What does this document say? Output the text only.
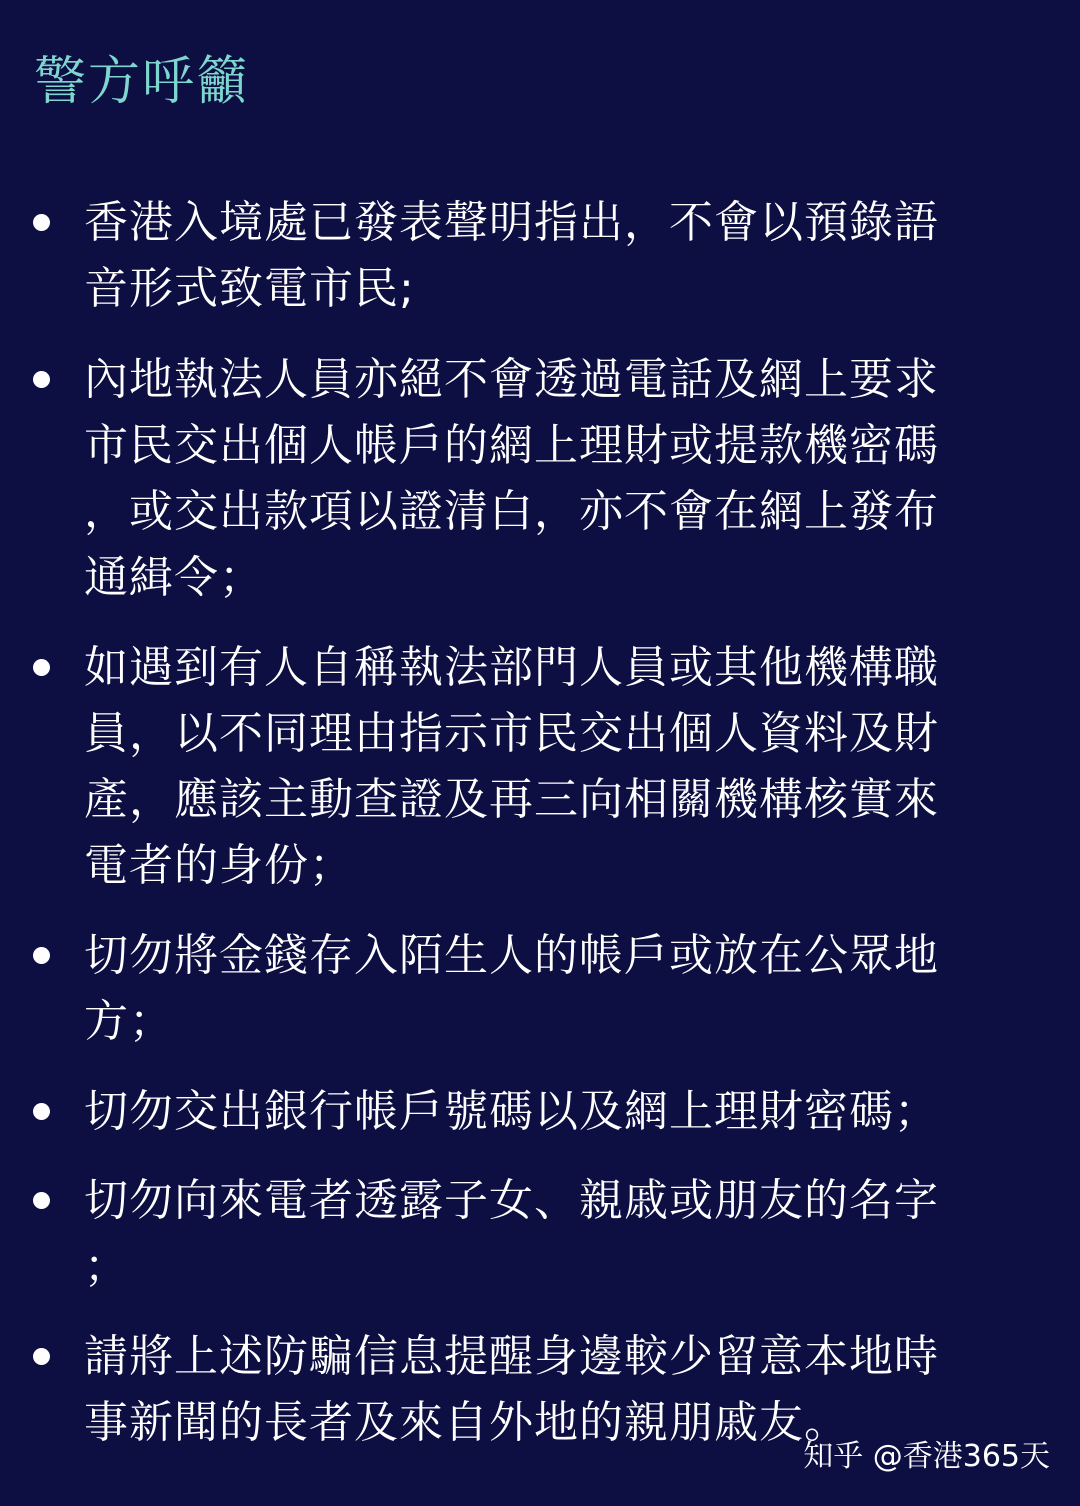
警方呼籲
香港入境處已發表聲明指出，不會以預錄語音形式致電市民;
內地執法人員亦絕不會透過電話及網上要求市民交出個人帳戶的網上理財或提款機密碼，或交出款項以證清白，亦不會在網上發布通緝令；
如遇到有人自稱執法部門人員或其他機構職員，以不同理由指示市民交出個人資料及財產，應該主動查證及再三向相關機構核實來電者的身份；
切勿將金錢存入陌生人的帳戶或放在公眾地方；
切勿交出銀行帳戶號碼以及網上理財密碼；
切勿向來電者透露子女、親戚或朋友的名字；
請將上述防騙信息提醒身邊較少留意本地時事新聞的長者及來自外地的親朋戚友。
知乎 @香港365天
